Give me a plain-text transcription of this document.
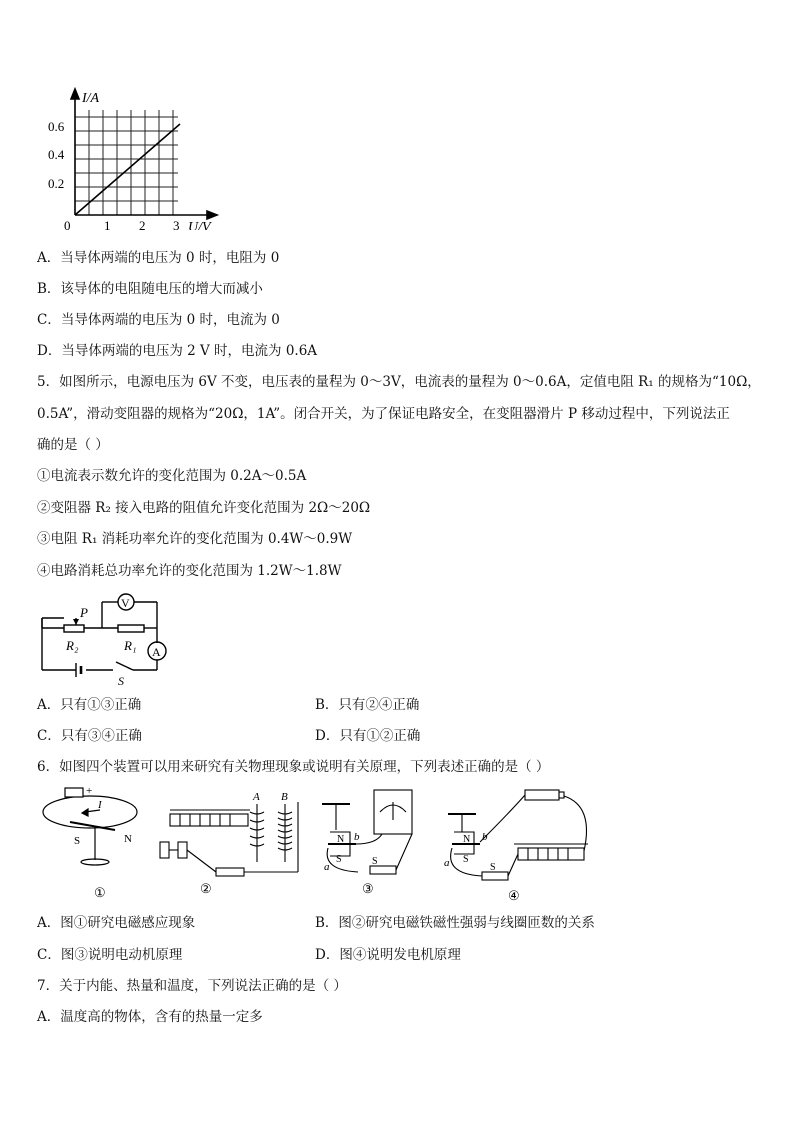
I/A
U/V
0
0.2
0.4
0.6
1 2 3
A．当导体两端的电压为 0 时，电阻为 0
B．该导体的电阻随电压的增大而减小
C．当导体两端的电压为 0 时，电流为 0
D．当导体两端的电压为 2 V 时，电流为 0.6A
5．如图所示，电源电压为 6V 不变，电压表的量程为 0～3V，电流表的量程为 0～0.6A，定值电阻 R₁ 的规格为“10Ω，
0.5A”，滑动变阻器的规格为“20Ω，1A”。闭合开关，为了保证电路安全，在变阻器滑片 P 移动过程中，下列说法正
确的是（ ）
①电流表示数允许的变化范围为 0.2A～0.5A
②变阻器 R₂ 接入电路的阻值允许变化范围为 2Ω～20Ω
③电阻 R₁ 消耗功率允许的变化范围为 0.4W～0.9W
④电路消耗总功率允许的变化范围为 1.2W～1.8W
P
V
A
R₂	R₁
S
A．只有①③正确	B．只有②④正确
C．只有③④正确	D．只有①②正确
6．如图四个装置可以用来研究有关物理现象或说明有关原理，下列表述正确的是（ ）
+
I
S	N
①
A B
②
N
S
a
b
S
③
N
S
a
b
S
④
A．图①研究电磁感应现象	B．图②研究电磁铁磁性强弱与线圈匝数的关系
C．图③说明电动机原理	D．图④说明发电机原理
7．关于内能、热量和温度，下列说法正确的是（ ）
A．温度高的物体，含有的热量一定多
